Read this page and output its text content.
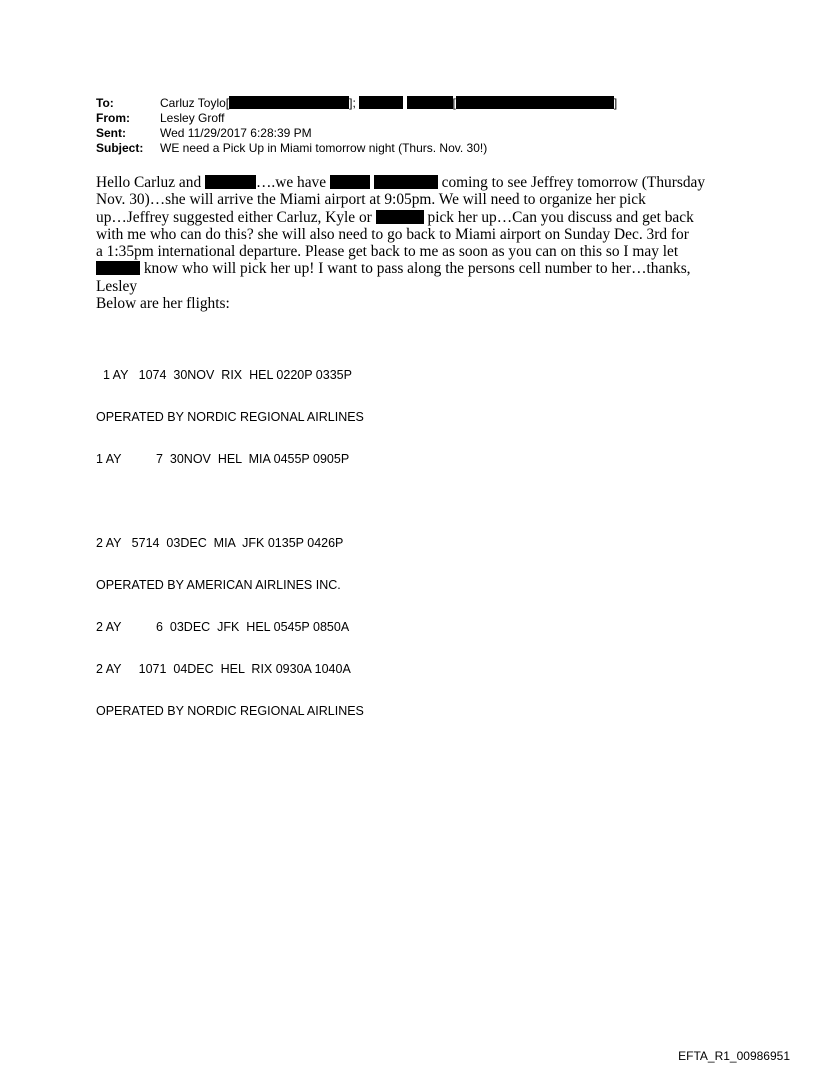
To:	Carluz Toylo[	];	[	]
From:	Lesley Groff
Sent:	Wed 11/29/2017 6:28:39 PM
Subject: WE need a Pick Up in Miami tomorrow night (Thurs. Nov. 30!)
Hello Carluz and	….we have	coming to see Jeffrey tomorrow (Thursday
Nov. 30)…she will arrive the Miami airport at 9:05pm. We will need to organize her pick
up…Jeffrey suggested either Carluz, Kyle or	pick her up…Can you discuss and get back
with me who can do this? she will also need to go back to Miami airport on Sunday Dec. 3rd for
a 1:35pm international departure. Please get back to me as soon as you can on this so I may let
know who will pick her up! I want to pass along the persons cell number to her…thanks,
Lesley
Below are her flights:

1 AY   1074  30NOV  RIX  HEL 0220P 0335P

OPERATED BY NORDIC REGIONAL AIRLINES

1 AY          7  30NOV  HEL  MIA 0455P 0905P

2 AY   5714  03DEC  MIA  JFK 0135P 0426P

OPERATED BY AMERICAN AIRLINES INC.

2 AY          6  03DEC  JFK  HEL 0545P 0850A

2 AY     1071  04DEC  HEL  RIX 0930A 1040A

OPERATED BY NORDIC REGIONAL AIRLINES

EFTA_R1_00986951
